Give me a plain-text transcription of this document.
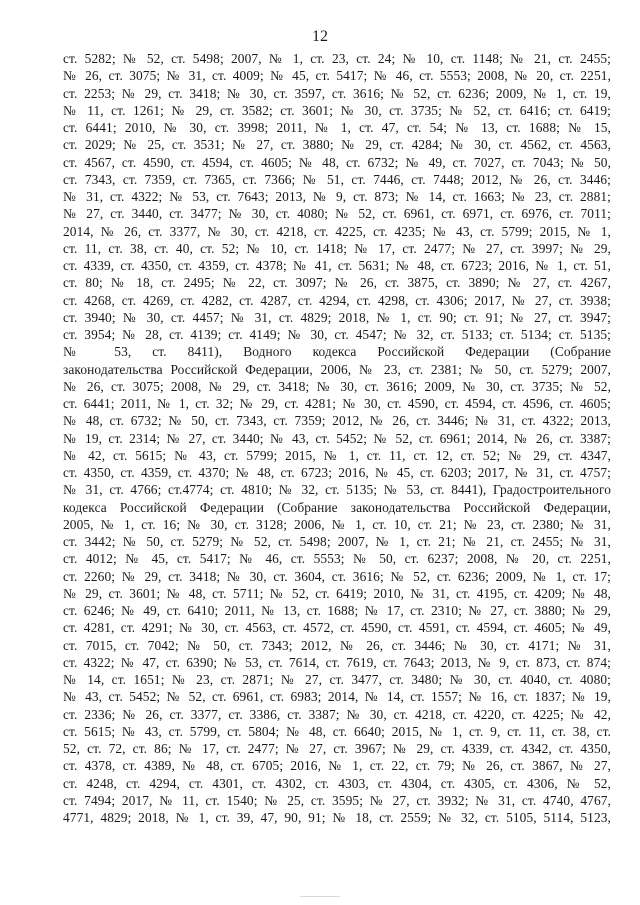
12
ст. 5282; № 52, ст. 5498; 2007, № 1, ст. 23, ст. 24; № 10, ст. 1148; № 21, ст. 2455;
№ 26, ст. 3075; № 31, ст. 4009; № 45, ст. 5417; № 46, ст. 5553; 2008, № 20, ст. 2251,
ст. 2253; № 29, ст. 3418; № 30, ст. 3597, ст. 3616; № 52, ст. 6236; 2009, № 1, ст. 19,
№ 11, ст. 1261; № 29, ст. 3582; ст. 3601; № 30, ст. 3735; № 52, ст. 6416; ст. 6419;
ст. 6441; 2010, № 30, ст. 3998; 2011, № 1, ст. 47, ст. 54; № 13, ст. 1688; № 15,
ст. 2029; № 25, ст. 3531; № 27, ст. 3880; № 29, ст. 4284; № 30, ст. 4562, ст. 4563,
ст. 4567, ст. 4590, ст. 4594, ст. 4605; № 48, ст. 6732; № 49, ст. 7027, ст. 7043; № 50,
ст. 7343, ст. 7359, ст. 7365, ст. 7366; № 51, ст. 7446, ст. 7448; 2012, № 26, ст. 3446;
№ 31, ст. 4322; № 53, ст. 7643; 2013, № 9, ст. 873; № 14, ст. 1663; № 23, ст. 2881;
№ 27, ст. 3440, ст. 3477; № 30, ст. 4080; № 52, ст. 6961, ст. 6971, ст. 6976, ст. 7011;
2014, № 26, ст. 3377, № 30, ст. 4218, ст. 4225, ст. 4235; № 43, ст. 5799; 2015, № 1,
ст. 11, ст. 38, ст. 40, ст. 52; № 10, ст. 1418; № 17, ст. 2477; № 27, ст. 3997; № 29,
ст. 4339, ст. 4350, ст. 4359, ст. 4378; № 41, ст. 5631; № 48, ст. 6723; 2016, № 1, ст. 51,
ст. 80; № 18, ст. 2495; № 22, ст. 3097; № 26, ст. 3875, ст. 3890; № 27, ст. 4267,
ст. 4268, ст. 4269, ст. 4282, ст. 4287, ст. 4294, ст. 4298, ст. 4306; 2017, № 27, ст. 3938;
ст. 3940; № 30, ст. 4457; № 31, ст. 4829; 2018, № 1, ст. 90; ст. 91; № 27, ст. 3947;
ст. 3954; № 28, ст. 4139; ст. 4149; № 30, ст. 4547; № 32, ст. 5133; ст. 5134; ст. 5135;
№ 53, ст. 8411), Водного кодекса Российской Федерации (Собрание
законодательства Российской Федерации, 2006, № 23, ст. 2381; № 50, ст. 5279; 2007,
№ 26, ст. 3075; 2008, № 29, ст. 3418; № 30, ст. 3616; 2009, № 30, ст. 3735; № 52,
ст. 6441; 2011, № 1, ст. 32; № 29, ст. 4281; № 30, ст. 4590, ст. 4594, ст. 4596, ст. 4605;
№ 48, ст. 6732; № 50, ст. 7343, ст. 7359; 2012, № 26, ст. 3446; № 31, ст. 4322; 2013,
№ 19, ст. 2314; № 27, ст. 3440; № 43, ст. 5452; № 52, ст. 6961; 2014, № 26, ст. 3387;
№ 42, ст. 5615; № 43, ст. 5799; 2015, № 1, ст. 11, ст. 12, ст. 52; № 29, ст. 4347,
ст. 4350, ст. 4359, ст. 4370; № 48, ст. 6723; 2016, № 45, ст. 6203; 2017, № 31, ст. 4757;
№ 31, ст. 4766; ст.4774; ст. 4810; № 32, ст. 5135; № 53, ст. 8441), Градостроительного
кодекса Российской Федерации (Собрание законодательства Российской Федерации,
2005, № 1, ст. 16; № 30, ст. 3128; 2006, № 1, ст. 10, ст. 21; № 23, ст. 2380; № 31,
ст. 3442; № 50, ст. 5279; № 52, ст. 5498; 2007, № 1, ст. 21; № 21, ст. 2455; № 31,
ст. 4012; № 45, ст. 5417; № 46, ст. 5553; № 50, ст. 6237; 2008, № 20, ст. 2251,
ст. 2260; № 29, ст. 3418; № 30, ст. 3604, ст. 3616; № 52, ст. 6236; 2009, № 1, ст. 17;
№ 29, ст. 3601; № 48, ст. 5711; № 52, ст. 6419; 2010, № 31, ст. 4195, ст. 4209; № 48,
ст. 6246; № 49, ст. 6410; 2011, № 13, ст. 1688; № 17, ст. 2310; № 27, ст. 3880; № 29,
ст. 4281, ст. 4291; № 30, ст. 4563, ст. 4572, ст. 4590, ст. 4591, ст. 4594, ст. 4605; № 49,
ст. 7015, ст. 7042; № 50, ст. 7343; 2012, № 26, ст. 3446; № 30, ст. 4171; № 31,
ст. 4322; № 47, ст. 6390; № 53, ст. 7614, ст. 7619, ст. 7643; 2013, № 9, ст. 873, ст. 874;
№ 14, ст. 1651; № 23, ст. 2871; № 27, ст. 3477, ст. 3480; № 30, ст. 4040, ст. 4080;
№ 43, ст. 5452; № 52, ст. 6961, ст. 6983; 2014, № 14, ст. 1557; № 16, ст. 1837; № 19,
ст. 2336; № 26, ст. 3377, ст. 3386, ст. 3387; № 30, ст. 4218, ст. 4220, ст. 4225; № 42,
ст. 5615; № 43, ст. 5799, ст. 5804; № 48, ст. 6640; 2015, № 1, ст. 9, ст. 11, ст. 38, ст.
52, ст. 72, ст. 86; № 17, ст. 2477; № 27, ст. 3967; № 29, ст. 4339, ст. 4342, ст. 4350,
ст. 4378, ст. 4389, № 48, ст. 6705; 2016, № 1, ст. 22, ст. 79; № 26, ст. 3867, № 27,
ст. 4248, ст. 4294, ст. 4301, ст. 4302, ст. 4303, ст. 4304, ст. 4305, ст. 4306, № 52,
ст. 7494; 2017, № 11, ст. 1540; № 25, ст. 3595; № 27, ст. 3932; № 31, ст. 4740, 4767,
4771, 4829; 2018, № 1, ст. 39, 47, 90, 91; № 18, ст. 2559; № 32, ст. 5105, 5114, 5123,
